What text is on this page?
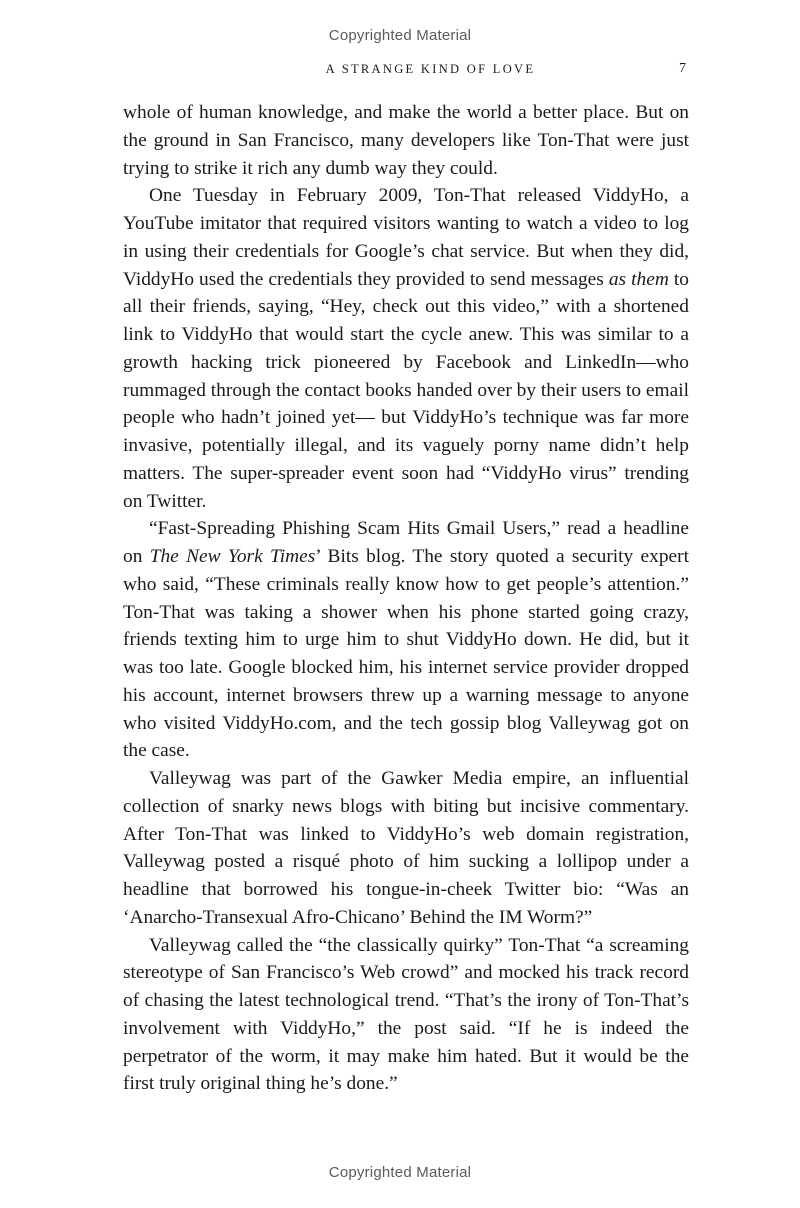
Copyrighted Material
A STRANGE KIND OF LOVE	7

whole of human knowledge, and make the world a better place. But on the ground in San Francisco, many developers like Ton-That were just trying to strike it rich any dumb way they could.

One Tuesday in February 2009, Ton-That released ViddyHo, a YouTube imitator that required visitors wanting to watch a video to log in using their credentials for Google’s chat service. But when they did, ViddyHo used the credentials they provided to send messages as them to all their friends, saying, “Hey, check out this video,” with a shortened link to ViddyHo that would start the cycle anew. This was similar to a growth hacking trick pioneered by Facebook and LinkedIn—who rummaged through the contact books handed over by their users to email people who hadn’t joined yet— but ViddyHo’s technique was far more invasive, potentially illegal, and its vaguely porny name didn’t help matters. The super-spreader event soon had “ViddyHo virus” trending on Twitter.

“Fast-Spreading Phishing Scam Hits Gmail Users,” read a headline on The New York Times’ Bits blog. The story quoted a security expert who said, “These criminals really know how to get people’s attention.” Ton-That was taking a shower when his phone started going crazy, friends texting him to urge him to shut ViddyHo down. He did, but it was too late. Google blocked him, his internet service provider dropped his account, internet browsers threw up a warning message to anyone who visited ViddyHo.com, and the tech gossip blog Valleywag got on the case.

Valleywag was part of the Gawker Media empire, an influential collection of snarky news blogs with biting but incisive commentary. After Ton-That was linked to ViddyHo’s web domain registration, Valleywag posted a risqué photo of him sucking a lollipop under a headline that borrowed his tongue-in-cheek Twitter bio: “Was an ‘Anarcho-Transexual Afro-Chicano’ Behind the IM Worm?”

Valleywag called the “the classically quirky” Ton-That “a screaming stereotype of San Francisco’s Web crowd” and mocked his track record of chasing the latest technological trend. “That’s the irony of Ton-That’s involvement with ViddyHo,” the post said. “If he is indeed the perpetrator of the worm, it may make him hated. But it would be the first truly original thing he’s done.”

Copyrighted Material
